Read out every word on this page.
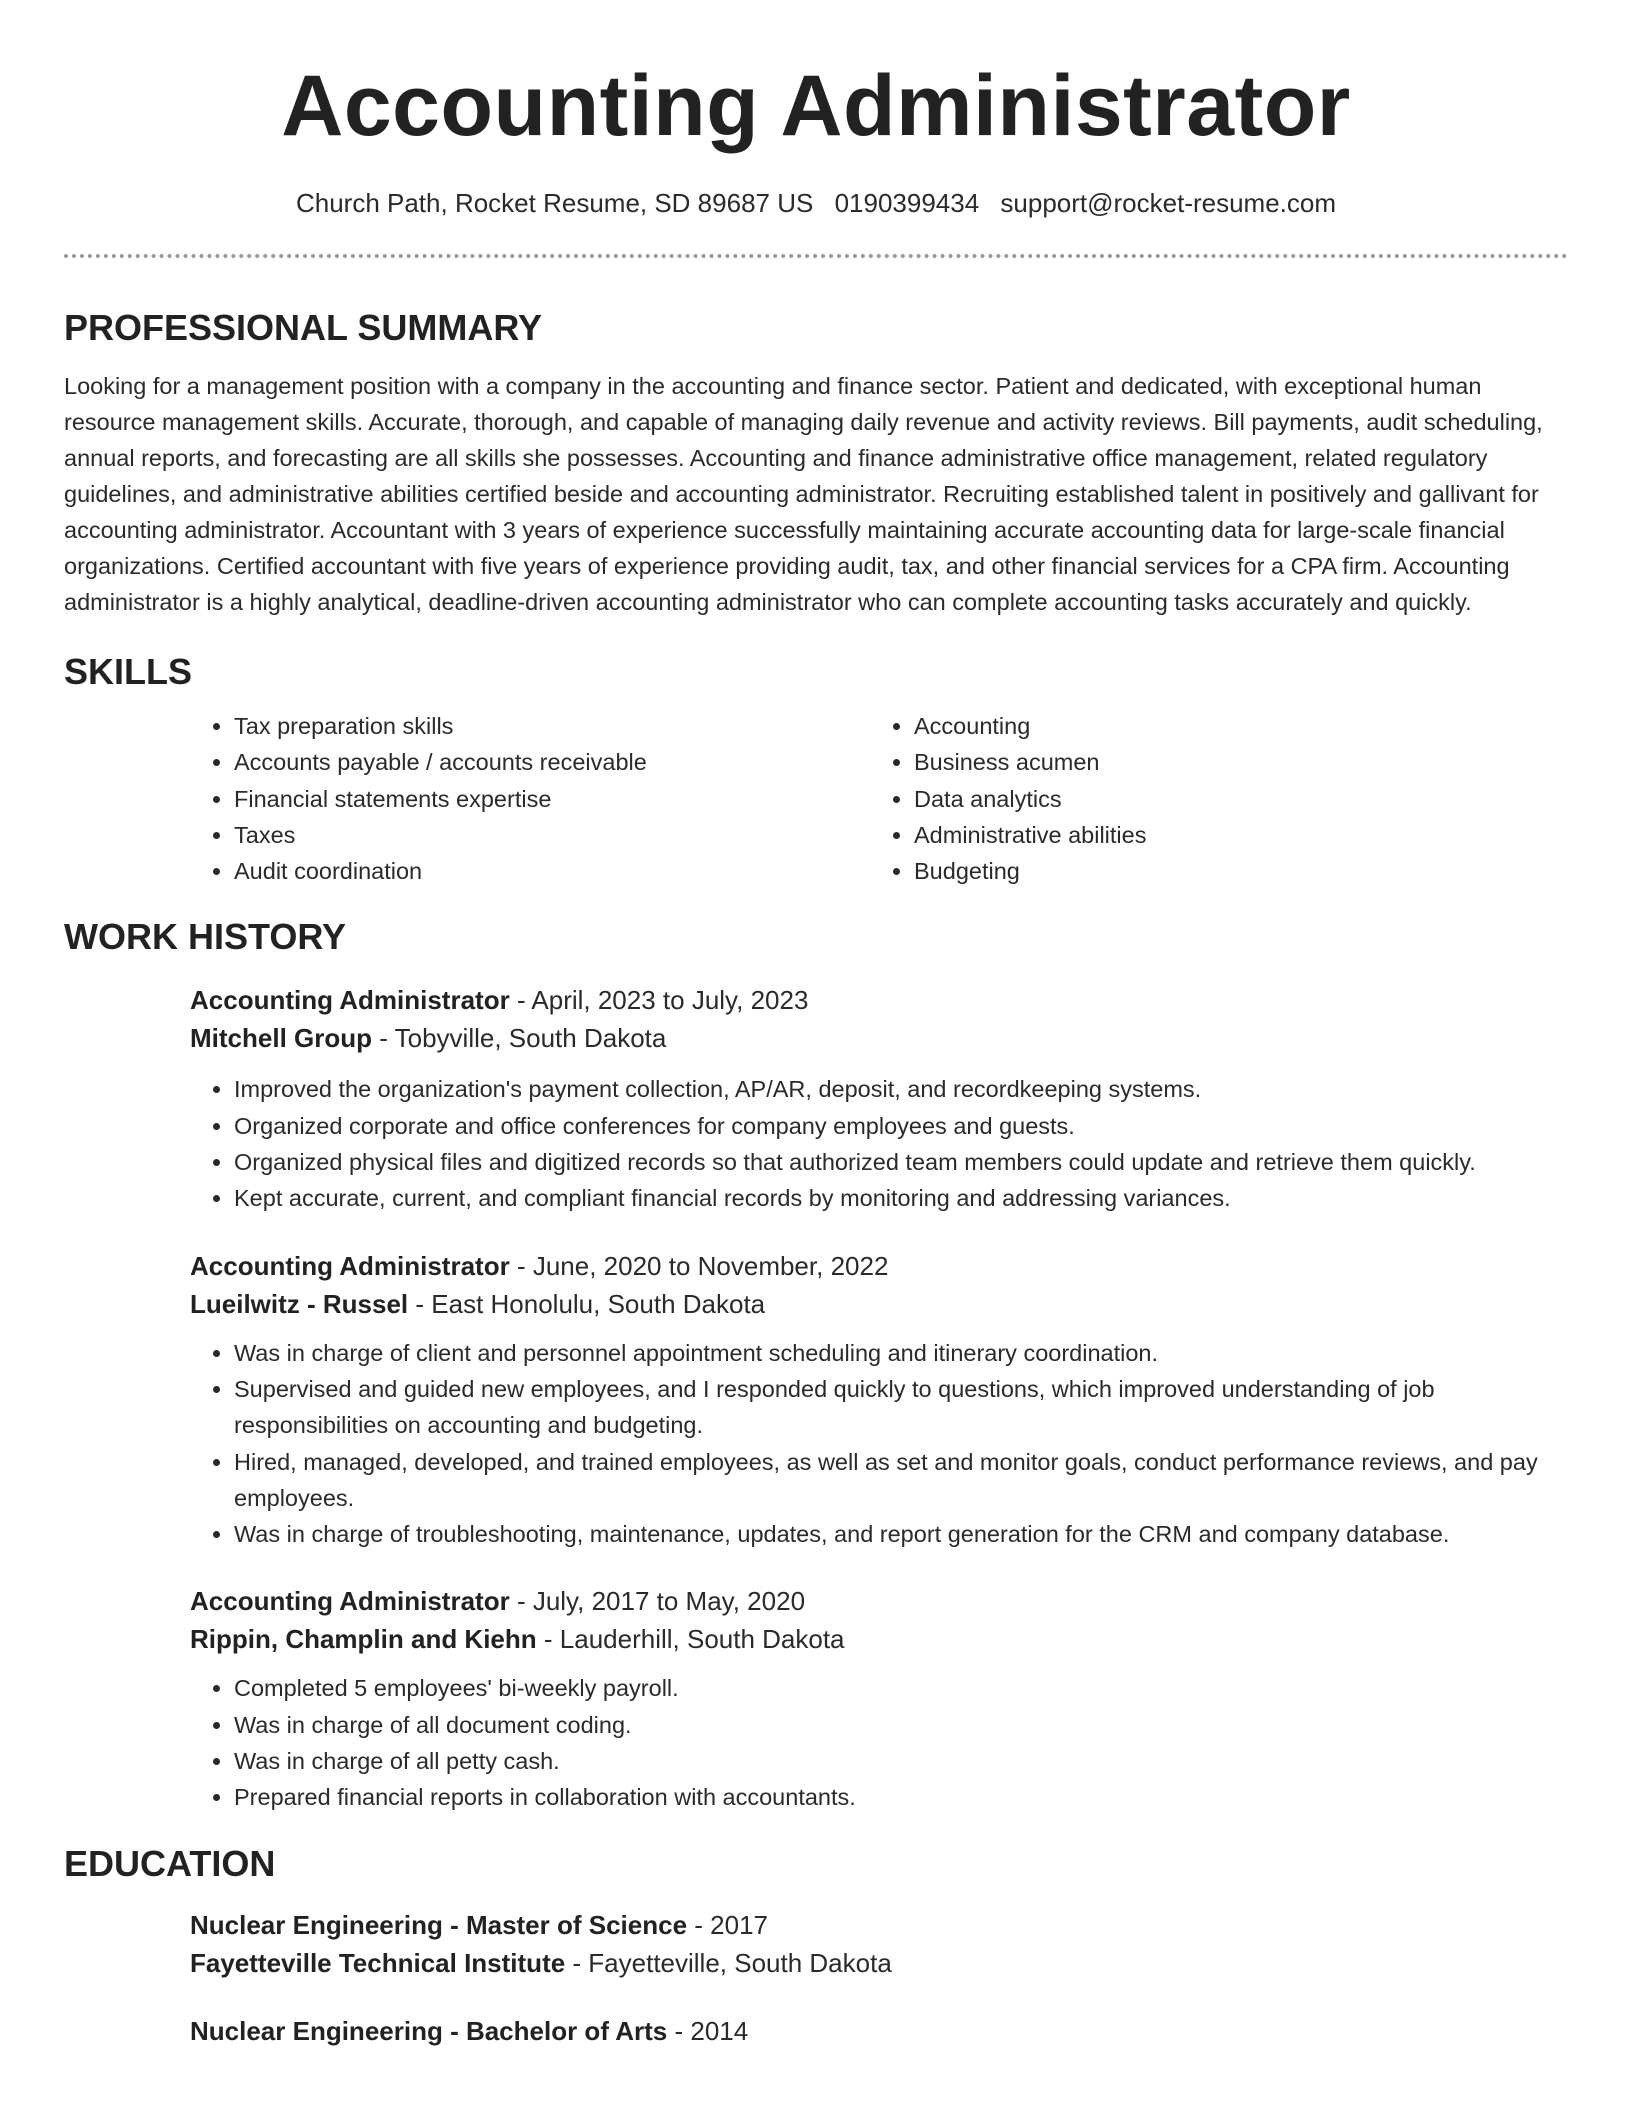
Accounting Administrator
Church Path, Rocket Resume, SD 89687 US 0190399434 support@rocket-resume.com
PROFESSIONAL SUMMARY

Looking for a management position with a company in the accounting and finance sector. Patient and dedicated, with exceptional human resource management skills. Accurate, thorough, and capable of managing daily revenue and activity reviews. Bill payments, audit scheduling, annual reports, and forecasting are all skills she possesses. Accounting and finance administrative office management, related regulatory guidelines, and administrative abilities certified beside and accounting administrator. Recruiting established talent in positively and gallivant for accounting administrator. Accountant with 3 years of experience successfully maintaining accurate accounting data for large-scale financial organizations. Certified accountant with five years of experience providing audit, tax, and other financial services for a CPA firm. Accounting administrator is a highly analytical, deadline-driven accounting administrator who can complete accounting tasks accurately and quickly.

SKILLS
• Tax preparation skills
• Accounts payable / accounts receivable
• Financial statements expertise
• Taxes
• Audit coordination
• Accounting
• Business acumen
• Data analytics
• Administrative abilities
• Budgeting
WORK HISTORY
Accounting Administrator - April, 2023 to July, 2023
Mitchell Group - Tobyville, South Dakota
• Improved the organization's payment collection, AP/AR, deposit, and recordkeeping systems.
• Organized corporate and office conferences for company employees and guests.
• Organized physical files and digitized records so that authorized team members could update and retrieve them quickly.
• Kept accurate, current, and compliant financial records by monitoring and addressing variances.
Accounting Administrator - June, 2020 to November, 2022
Lueilwitz - Russel - East Honolulu, South Dakota
• Was in charge of client and personnel appointment scheduling and itinerary coordination.
• Supervised and guided new employees, and I responded quickly to questions, which improved understanding of job responsibilities on accounting and budgeting.
• Hired, managed, developed, and trained employees, as well as set and monitor goals, conduct performance reviews, and pay employees.
• Was in charge of troubleshooting, maintenance, updates, and report generation for the CRM and company database.
Accounting Administrator - July, 2017 to May, 2020
Rippin, Champlin and Kiehn - Lauderhill, South Dakota
• Completed 5 employees' bi-weekly payroll.
• Was in charge of all document coding.
• Was in charge of all petty cash.
• Prepared financial reports in collaboration with accountants.
EDUCATION
Nuclear Engineering - Master of Science - 2017
Fayetteville Technical Institute - Fayetteville, South Dakota
Nuclear Engineering - Bachelor of Arts - 2014
